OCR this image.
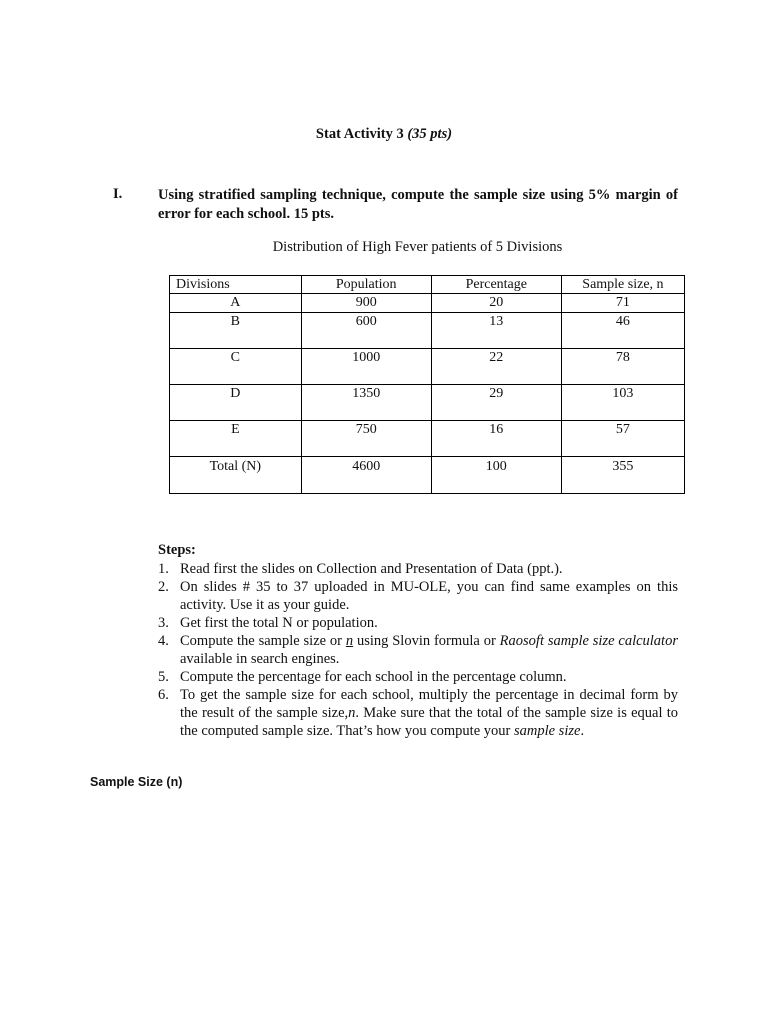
Stat Activity 3 (35 pts)
I. Using stratified sampling technique, compute the sample size using 5% margin of error for each school. 15 pts.
Distribution of High Fever patients of 5 Divisions
Divisions	Population	Percentage	Sample size, n
A	900	20	71
B	600	13	46
C	1000	22	78
D	1350	29	103
E	750	16	57
Total (N)	4600	100	355
Steps:
1. Read first the slides on Collection and Presentation of Data (ppt.).
2. On slides # 35 to 37 uploaded in MU-OLE, you can find same examples on this activity. Use it as your guide.
3. Get first the total N or population.
4. Compute the sample size or n using Slovin formula or Raosoft sample size calculator available in search engines.
5. Compute the percentage for each school in the percentage column.
6. To get the sample size for each school, multiply the percentage in decimal form by the result of the sample size,n. Make sure that the total of the sample size is equal to the computed sample size. That’s how you compute your sample size.
Sample Size (n)
